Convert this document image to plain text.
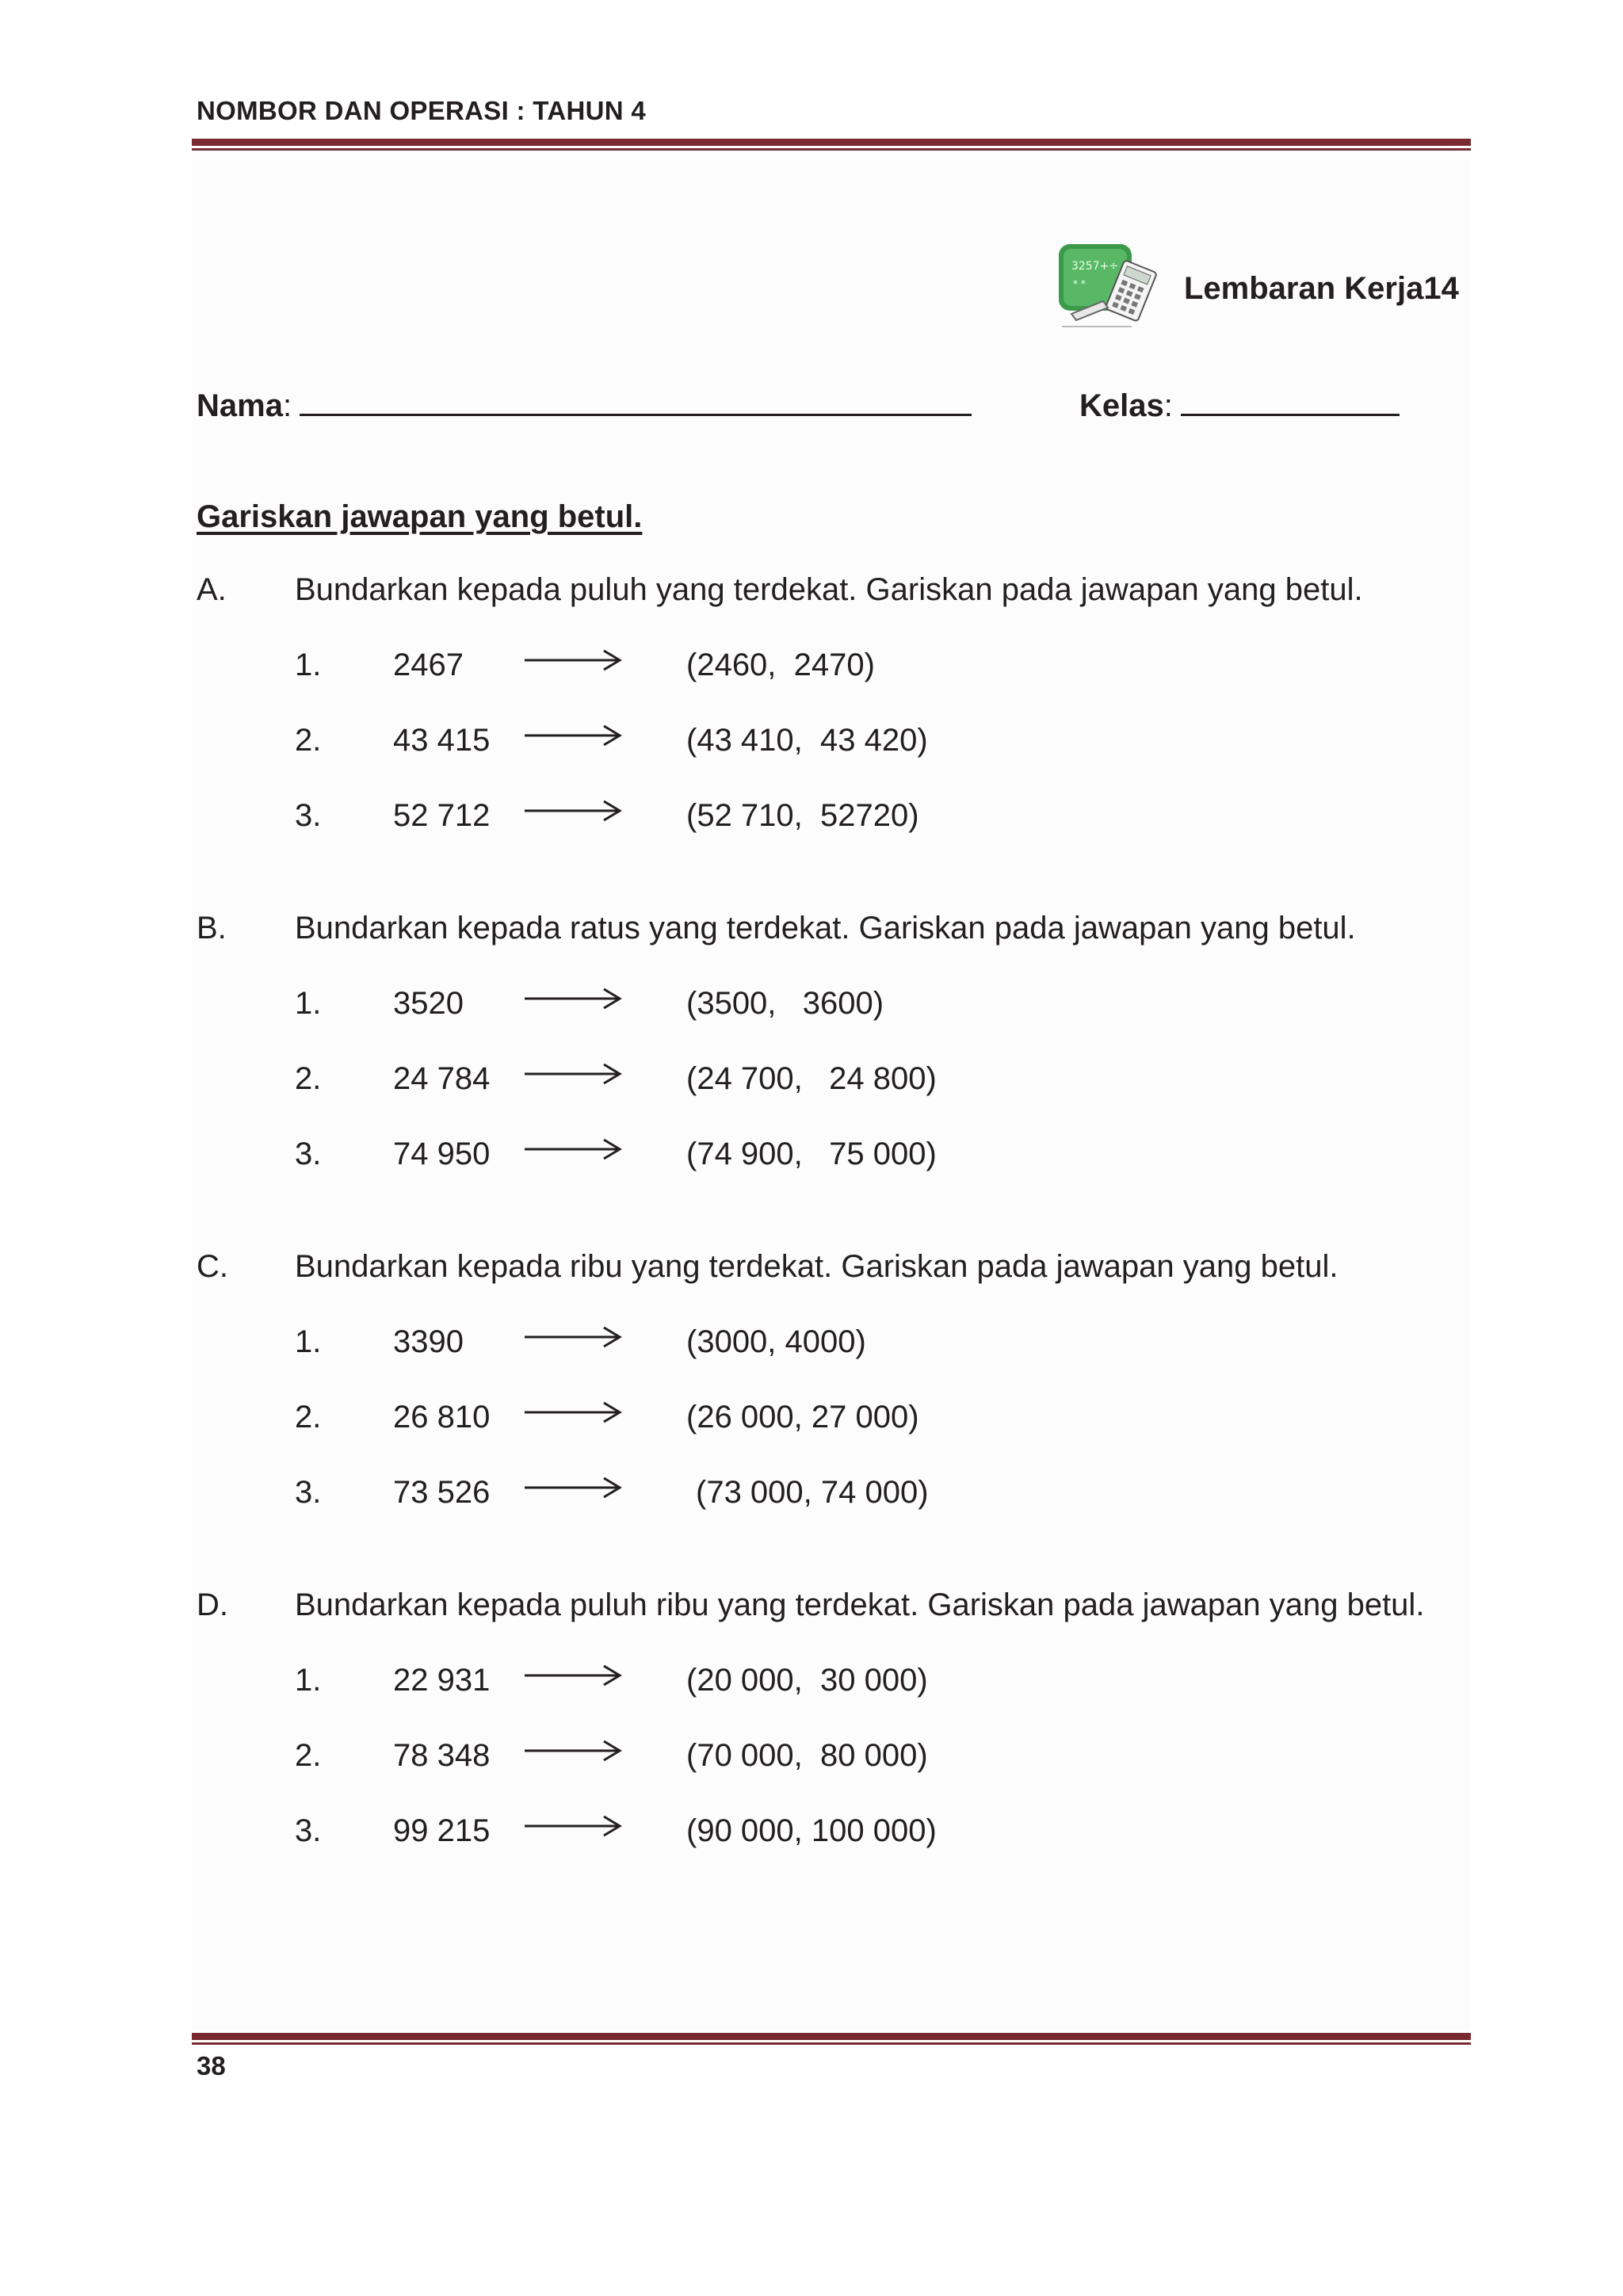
NOMBOR DAN OPERASI : TAHUN 4
3257+÷
* *	Lembaran Kerja14
Nama:	Kelas:
Gariskan jawapan yang betul.
A. Bundarkan kepada puluh yang terdekat. Gariskan pada jawapan yang betul.
1. 2467	(2460,  2470)
2. 43 415	(43 410,  43 420)
3. 52 712	(52 710,  52720)
B. Bundarkan kepada ratus yang terdekat. Gariskan pada jawapan yang betul.
1. 3520	(3500,   3600)
2. 24 784	(24 700,   24 800)
3. 74 950	(74 900,   75 000)
C. Bundarkan kepada ribu yang terdekat. Gariskan pada jawapan yang betul.
1. 3390	(3000, 4000)
2. 26 810	(26 000, 27 000)
3. 73 526	(73 000, 74 000)
D. Bundarkan kepada puluh ribu yang terdekat. Gariskan pada jawapan yang betul.
1. 22 931	(20 000,  30 000)
2. 78 348	(70 000,  80 000)
3. 99 215	(90 000, 100 000)
38
